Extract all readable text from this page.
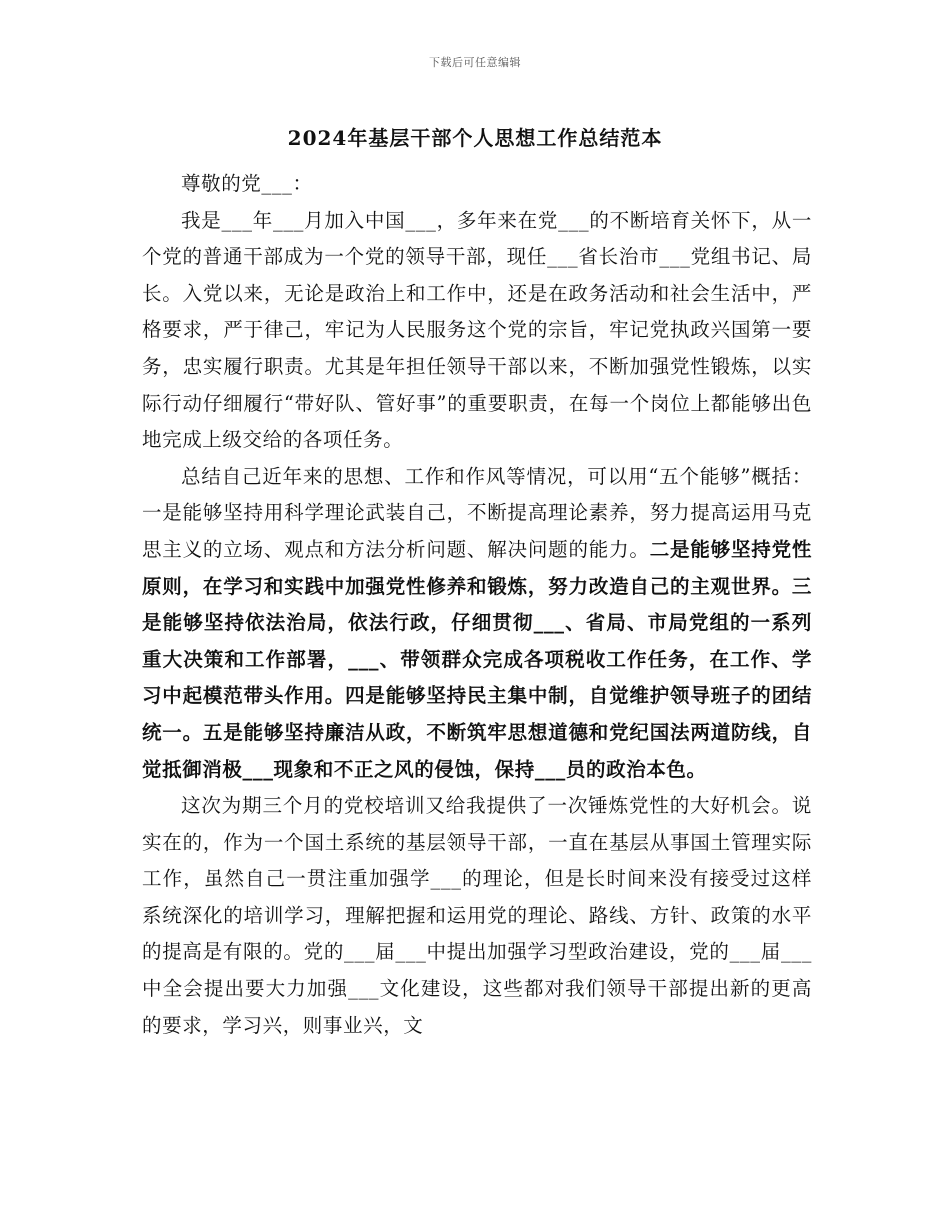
下载后可任意编辑
2024年基层干部个人思想工作总结范本

尊敬的党___：

我是___年___月加入中国___，多年来在党___的不断培育关怀下，从一个党的普通干部成为一个党的领导干部，现任___省长治市___党组书记、局长。入党以来，无论是政治上和工作中，还是在政务活动和社会生活中，严格要求，严于律己，牢记为人民服务这个党的宗旨，牢记党执政兴国第一要务，忠实履行职责。尤其是年担任领导干部以来，不断加强党性锻炼，以实际行动仔细履行“带好队、管好事”的重要职责，在每一个岗位上都能够出色地完成上级交给的各项任务。

总结自己近年来的思想、工作和作风等情况，可以用“五个能够”概括：一是能够坚持用科学理论武装自己，不断提高理论素养，努力提高运用马克思主义的立场、观点和方法分析问题、解决问题的能力。二是能够坚持党性原则，在学习和实践中加强党性修养和锻炼，努力改造自己的主观世界。三是能够坚持依法治局，依法行政，仔细贯彻___、省局、市局党组的一系列重大决策和工作部署，___、带领群众完成各项税收工作任务，在工作、学习中起模范带头作用。四是能够坚持民主集中制，自觉维护领导班子的团结统一。五是能够坚持廉洁从政，不断筑牢思想道德和党纪国法两道防线，自觉抵御消极___现象和不正之风的侵蚀，保持___员的政治本色。

这次为期三个月的党校培训又给我提供了一次锤炼党性的大好机会。说实在的，作为一个国土系统的基层领导干部，一直在基层从事国土管理实际工作，虽然自己一贯注重加强学___的理论，但是长时间来没有接受过这样系统深化的培训学习，理解把握和运用党的理论、路线、方针、政策的水平的提高是有限的。党的___届___中提出加强学习型政治建设，党的___届___中全会提出要大力加强___文化建设，这些都对我们领导干部提出新的更高的要求，学习兴，则事业兴，文
